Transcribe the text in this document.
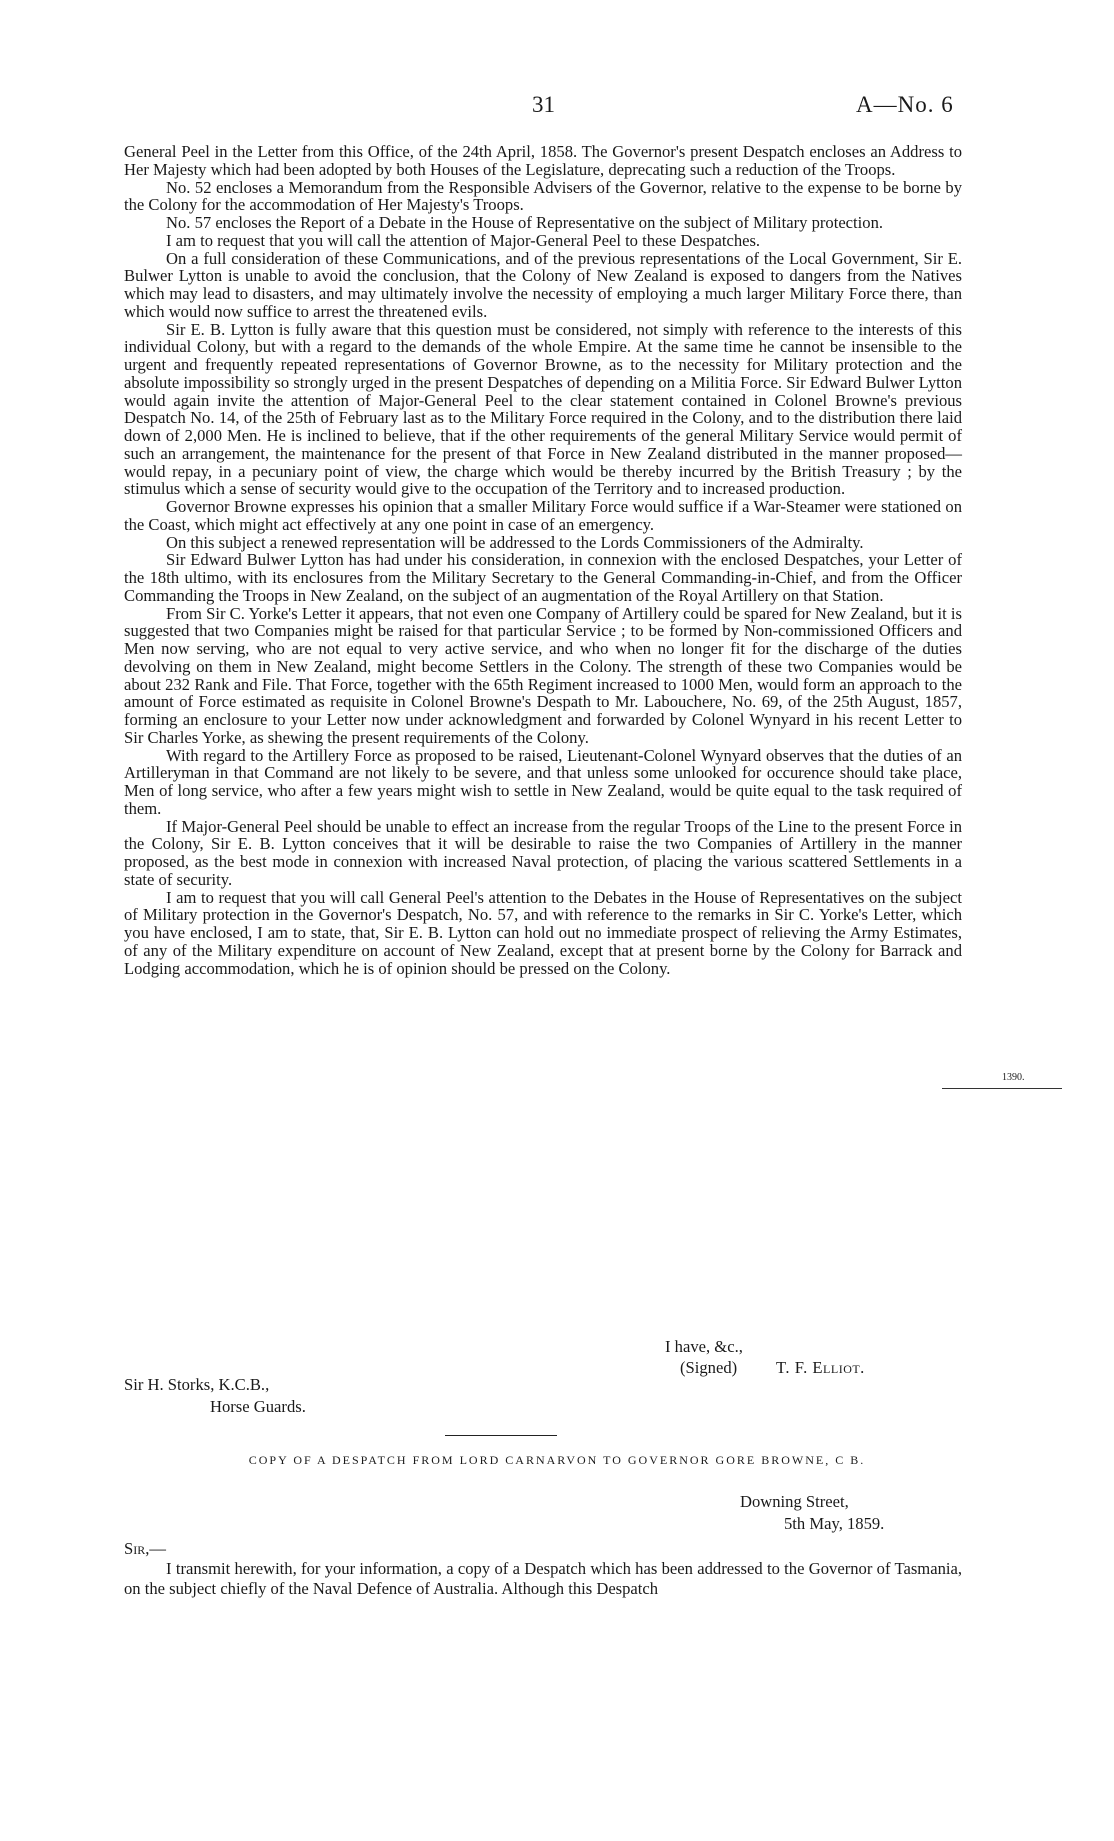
31	A—No. 6

General Peel in the Letter from this Office, of the 24th April, 1858. The Governor's present Despatch encloses an Address to Her Majesty which had been adopted by both Houses of the Legislature, deprecating such a reduction of the Troops.

No. 52 encloses a Memorandum from the Responsible Advisers of the Governor, relative to the expense to be borne by the Colony for the accommodation of Her Majesty's Troops.

No. 57 encloses the Report of a Debate in the House of Representative on the subject of Military protection.

I am to request that you will call the attention of Major-General Peel to these Despatches.

On a full consideration of these Communications, and of the previous representations of the Local Government, Sir E. Bulwer Lytton is unable to avoid the conclusion, that the Colony of New Zealand is exposed to dangers from the Natives which may lead to disasters, and may ultimately involve the necessity of employing a much larger Military Force there, than which would now suffice to arrest the threatened evils.

Sir E. B. Lytton is fully aware that this question must be considered, not simply with reference to the interests of this individual Colony, but with a regard to the demands of the whole Empire. At the same time he cannot be insensible to the urgent and frequently repeated representations of Governor Browne, as to the necessity for Military protection and the absolute impossibility so strongly urged in the present Despatches of depending on a Militia Force. Sir Edward Bulwer Lytton would again invite the attention of Major-General Peel to the clear statement contained in Colonel Browne's previous Despatch No. 14, of the 25th of February last as to the Military Force required in the Colony, and to the distribution there laid down of 2,000 Men. He is inclined to believe, that if the other requirements of the general Military Service would permit of such an arrangement, the maintenance for the present of that Force in New Zealand distributed in the manner proposed—would repay, in a pecuniary point of view, the charge which would be thereby incurred by the British Treasury ; by the stimulus which a sense of security would give to the occupation of the Territory and to increased production.

Governor Browne expresses his opinion that a smaller Military Force would suffice if a War-Steamer were stationed on the Coast, which might act effectively at any one point in case of an emergency.

On this subject a renewed representation will be addressed to the Lords Commissioners of the Admiralty.

Sir Edward Bulwer Lytton has had under his consideration, in connexion with the enclosed Despatches, your Letter of the 18th ultimo, with its enclosures from the Military Secretary to the General Commanding-in-Chief, and from the Officer Commanding the Troops in New Zealand, on the subject of an augmentation of the Royal Artillery on that Station.

From Sir C. Yorke's Letter it appears, that not even one Company of Artillery could be spared for New Zealand, but it is suggested that two Companies might be raised for that particular Service ; to be formed by Non-commissioned Officers and Men now serving, who are not equal to very active service, and who when no longer fit for the discharge of the duties devolving on them in New Zealand, might become Settlers in the Colony. The strength of these two Companies would be about 232 Rank and File. That Force, together with the 65th Regiment increased to 1000 Men, would form an approach to the amount of Force estimated as requisite in Colonel Browne's Despath to Mr. Labouchere, No. 69, of the 25th August, 1857, forming an enclosure to your Letter now under acknowledgment and forwarded by Colonel Wynyard in his recent Letter to Sir Charles Yorke, as shewing the present requirements of the Colony.

With regard to the Artillery Force as proposed to be raised, Lieutenant-Colonel Wynyard observes that the duties of an Artilleryman in that Command are not likely to be severe, and that unless some unlooked for occurence should take place, Men of long service, who after a few years might wish to settle in New Zealand, would be quite equal to the task required of them.

If Major-General Peel should be unable to effect an increase from the regular Troops of the Line to the present Force in the Colony, Sir E. B. Lytton conceives that it will be desirable to raise the two Companies of Artillery in the manner proposed, as the best mode in connexion with increased Naval protection, of placing the various scattered Settlements in a state of security.

I am to request that you will call General Peel's attention to the Debates in the House of Representatives on the subject of Military protection in the Governor's Despatch, No. 57, and with reference to the remarks in Sir C. Yorke's Letter, which you have enclosed, I am to state, that, Sir E. B. Lytton can hold out no immediate prospect of relieving the Army Estimates, of any of the Military expenditure on account of New Zealand, except that at present borne by the Colony for Barrack and Lodging accommodation, which he is of opinion should be pressed on the Colony.

1390.
I have, &c.,
(Signed)	T. F. Elliot.
Sir H. Storks, K.C.B.,
Horse Guards.
COPY OF A DESPATCH FROM LORD CARNARVON TO GOVERNOR GORE BROWNE, C B.
Downing Street,
5th May, 1859.
Sir,—

I transmit herewith, for your information, a copy of a Despatch which has been addressed to the Governor of Tasmania, on the subject chiefly of the Naval Defence of Australia. Although this Despatch
